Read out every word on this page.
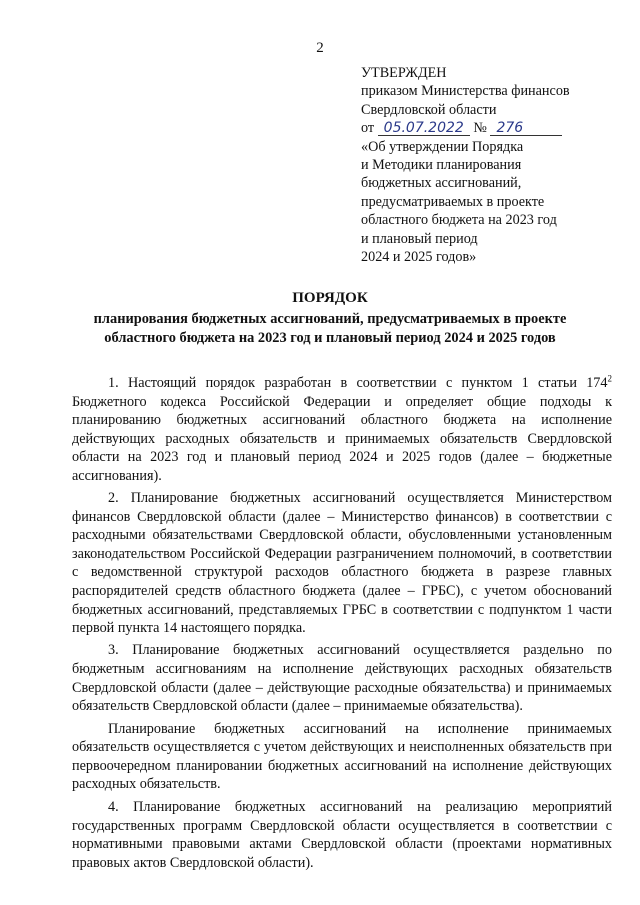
2
УТВЕРЖДЕН
приказом Министерства финансов
Свердловской области
от 05.07.2022 № 276
«Об утверждении Порядка
и Методики планирования
бюджетных ассигнований,
предусматриваемых в проекте
областного бюджета на 2023 год
и плановый период
2024 и 2025 годов»
ПОРЯДОК
планирования бюджетных ассигнований, предусматриваемых в проекте
областного бюджета на 2023 год и плановый период 2024 и 2025 годов

1. Настоящий порядок разработан в соответствии с пунктом 1 статьи $174^2$ Бюджетного кодекса Российской Федерации и определяет общие подходы к планированию бюджетных ассигнований областного бюджета на исполнение действующих расходных обязательств и принимаемых обязательств Свердловской области на 2023 год и плановый период 2024 и 2025 годов (далее – бюджетные ассигнования).

2. Планирование бюджетных ассигнований осуществляется Министерством финансов Свердловской области (далее – Министерство финансов) в соответствии с расходными обязательствами Свердловской области, обусловленными установленным законодательством Российской Федерации разграничением полномочий, в соответствии с ведомственной структурой расходов областного бюджета в разрезе главных распорядителей средств областного бюджета (далее – ГРБС), с учетом обоснований бюджетных ассигнований, представляемых ГРБС в соответствии с подпунктом 1 части первой пункта 14 настоящего порядка.

3. Планирование бюджетных ассигнований осуществляется раздельно по бюджетным ассигнованиям на исполнение действующих расходных обязательств Свердловской области (далее – действующие расходные обязательства) и принимаемых обязательств Свердловской области (далее – принимаемые обязательства).

Планирование бюджетных ассигнований на исполнение принимаемых обязательств осуществляется с учетом действующих и неисполненных обязательств при первоочередном планировании бюджетных ассигнований на исполнение действующих расходных обязательств.

4. Планирование бюджетных ассигнований на реализацию мероприятий государственных программ Свердловской области осуществляется в соответствии с нормативными правовыми актами Свердловской области (проектами нормативных правовых актов Свердловской области).
